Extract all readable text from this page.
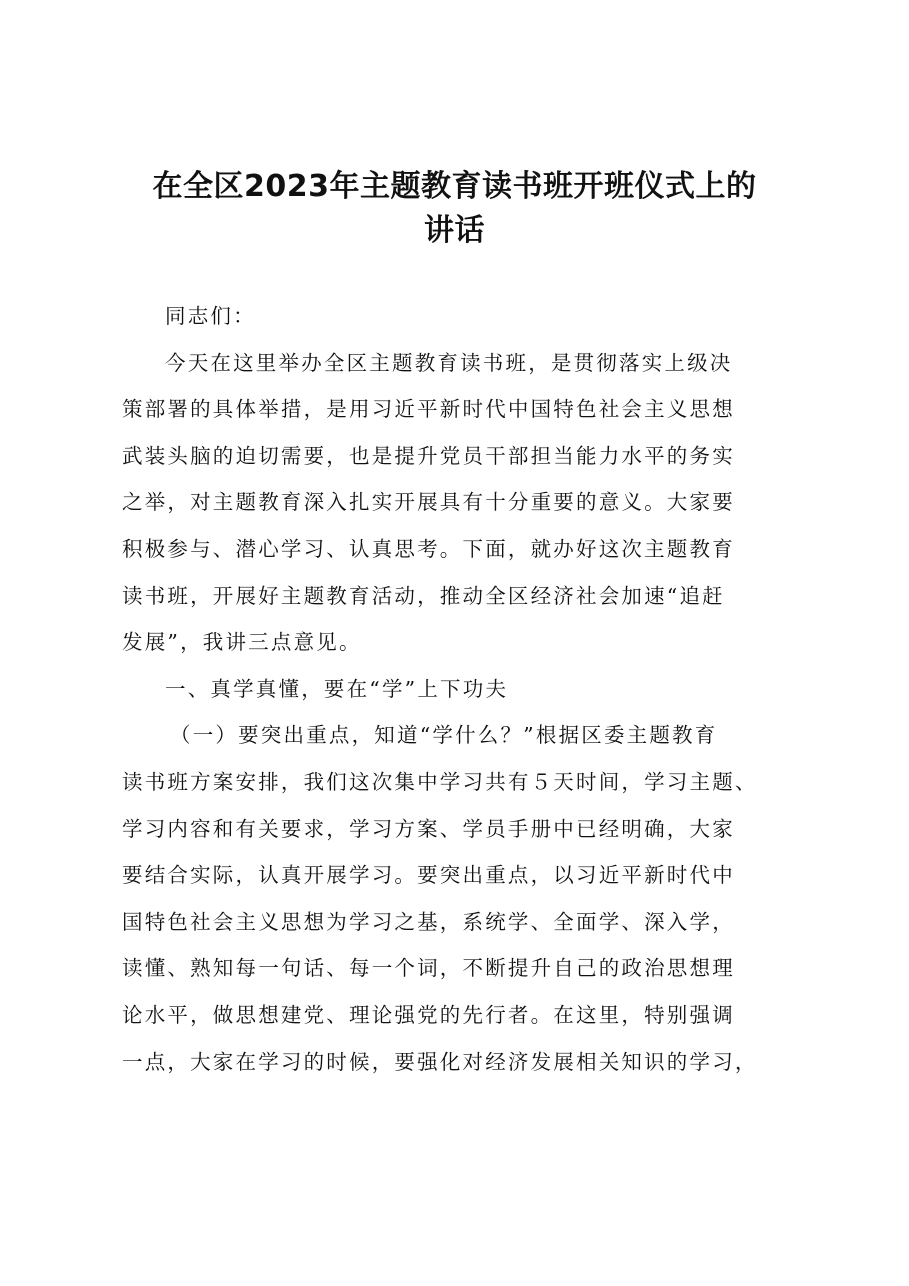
在全区2023年主题教育读书班开班仪式上的
讲话
同志们：
今天在这里举办全区主题教育读书班，是贯彻落实上级决
策部署的具体举措，是用习近平新时代中国特色社会主义思想
武装头脑的迫切需要，也是提升党员干部担当能力水平的务实
之举，对主题教育深入扎实开展具有十分重要的意义。大家要
积极参与、潜心学习、认真思考。下面，就办好这次主题教育
读书班，开展好主题教育活动，推动全区经济社会加速“追赶
发展”，我讲三点意见。
一、真学真懂，要在“学”上下功夫
（一）要突出重点，知道“学什么？”根据区委主题教育
读书班方案安排，我们这次集中学习共有５天时间，学习主题、
学习内容和有关要求，学习方案、学员手册中已经明确，大家
要结合实际，认真开展学习。要突出重点，以习近平新时代中
国特色社会主义思想为学习之基，系统学、全面学、深入学，
读懂、熟知每一句话、每一个词，不断提升自己的政治思想理
论水平，做思想建党、理论强党的先行者。在这里，特别强调
一点，大家在学习的时候，要强化对经济发展相关知识的学习，
